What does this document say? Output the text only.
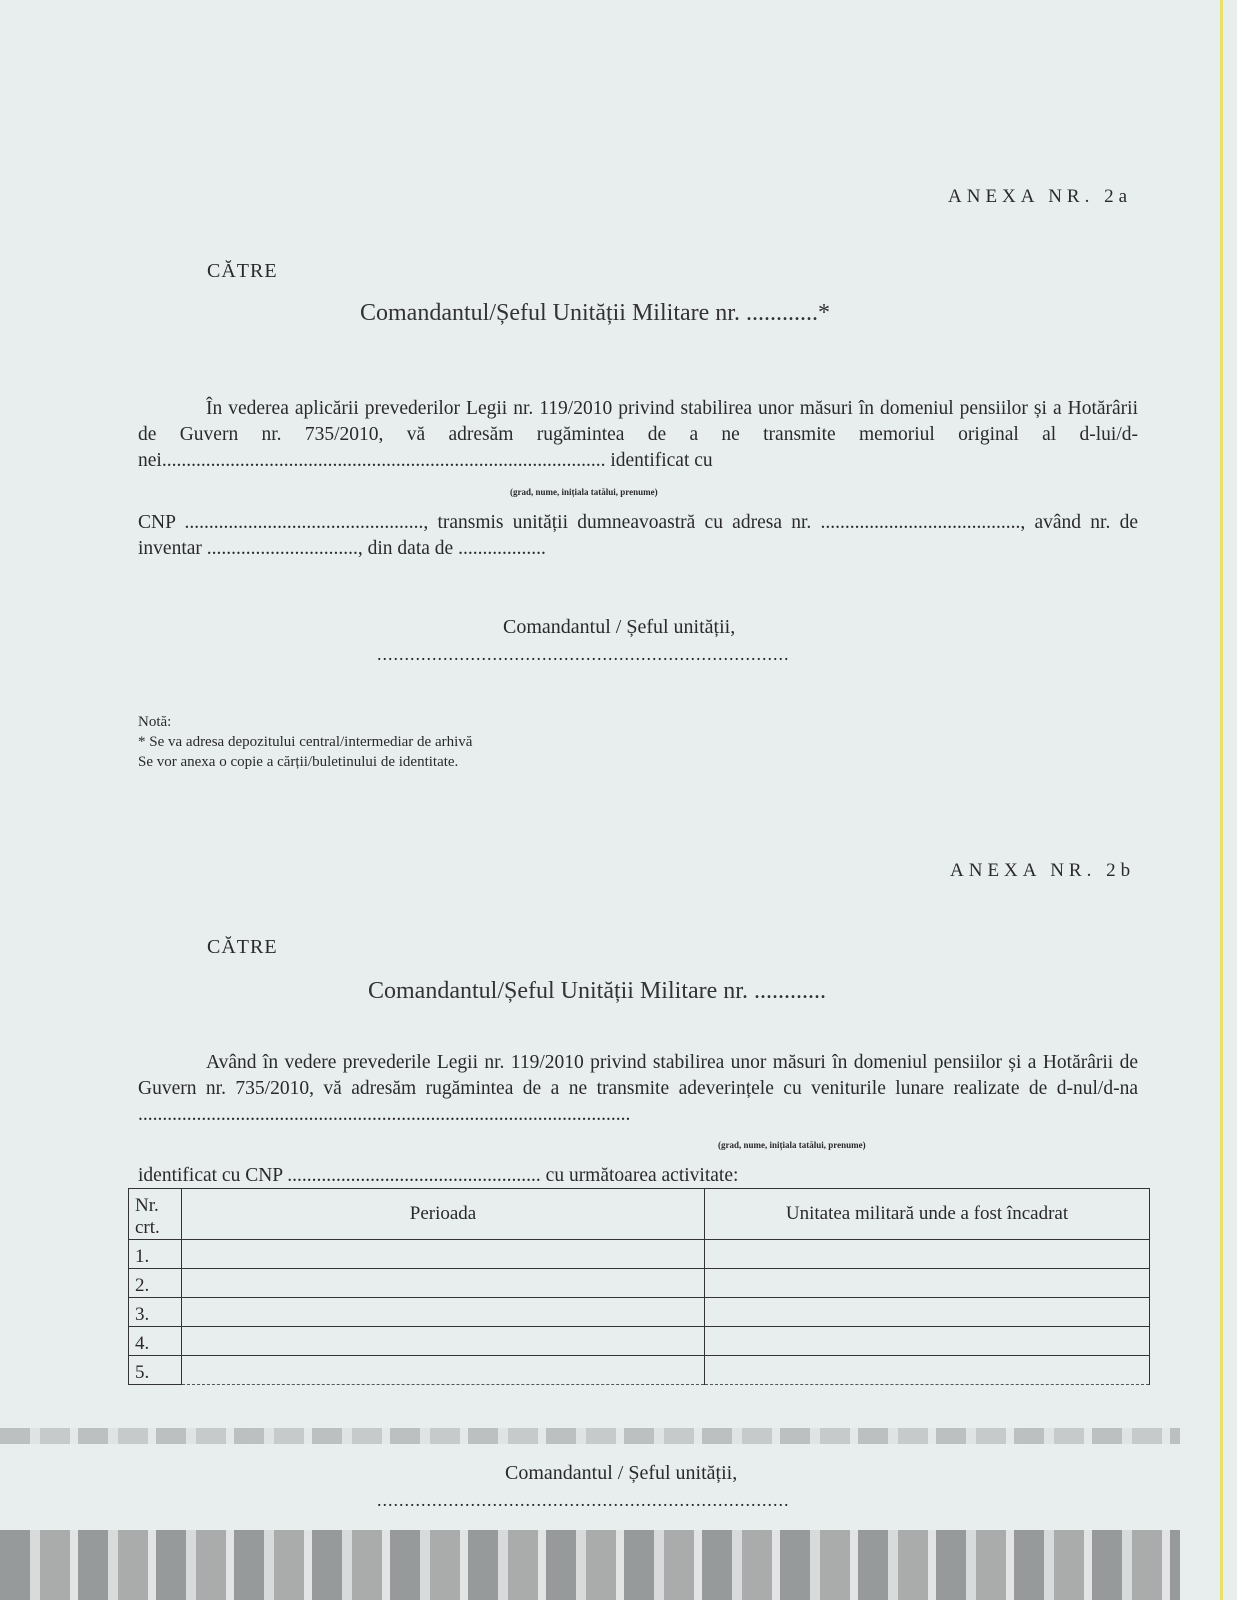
ANEXA NR. 2a
CĂTRE
Comandantul/Șeful Unității Militare nr. ............*
În vederea aplicării prevederilor Legii nr. 119/2010 privind stabilirea unor măsuri în domeniul pensiilor și a Hotărârii de Guvern nr. 735/2010, vă adresăm rugămintea de a ne transmite memoriul original al d-lui/d-nei........................................................................................... identificat cu
(grad, nume, inițiala tatălui, prenume)
CNP ................................................., transmis unității dumneavoastră cu adresa nr. ........................................., având nr. de inventar ..............................., din data de ..................
Comandantul / Șeful unității,
...........................................................................
Notă:
* Se va adresa depozitului central/intermediar de arhivă
Se vor anexa o copie a cărții/buletinului de identitate.
ANEXA NR. 2b
CĂTRE
Comandantul/Șeful Unității Militare nr. ............
Având în vedere prevederile Legii nr. 119/2010 privind stabilirea unor măsuri în domeniul pensiilor și a Hotărârii de Guvern nr. 735/2010, vă adresăm rugămintea de a ne transmite adeverințele cu veniturile lunare realizate de d-nul/d-na .....................................................................................................
(grad, nume, inițiala tatălui, prenume)
identificat cu CNP .................................................... cu următoarea activitate:
Nr. crt.	Perioada	Unitatea militară unde a fost încadrat
1.		
2.		
3.		
4.		
5.		
Comandantul / Șeful unității,
...........................................................................
